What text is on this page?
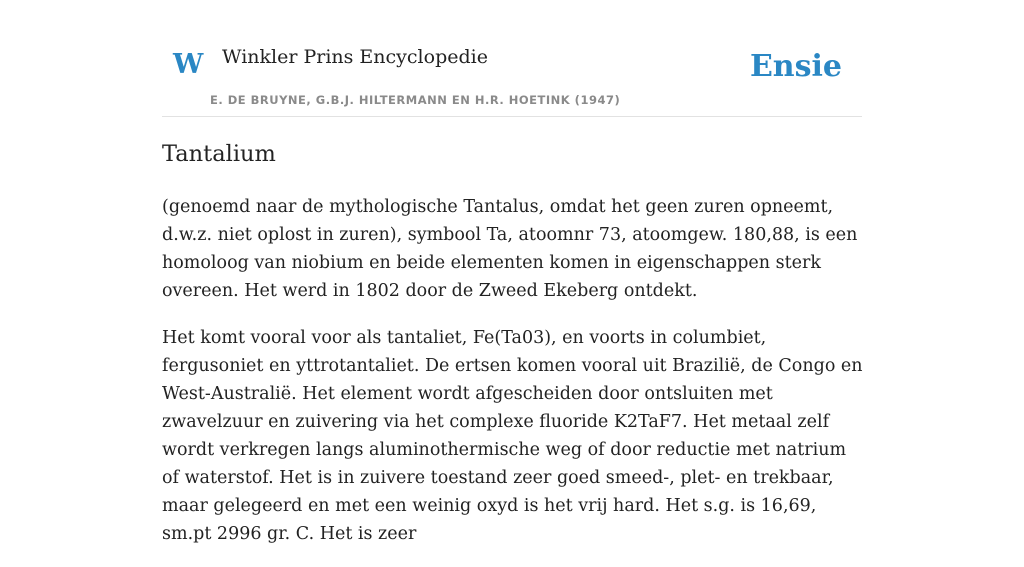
W Winkler Prins Encyclopedie
E. DE BRUYNE, G.B.J. HILTERMANN EN H.R. HOETINK (1947)
Ensie
Tantalium

(genoemd naar de mythologische Tantalus, omdat het geen zuren opneemt, d.w.z. niet oplost in zuren), symbool Ta, atoomnr 73, atoomgew. 180,88, is een homoloog van niobium en beide elementen komen in eigenschappen sterk overeen. Het werd in 1802 door de Zweed Ekeberg ontdekt.

Het komt vooral voor als tantaliet, Fe(Ta03), en voorts in columbiet, fergusoniet en yttrotantaliet. De ertsen komen vooral uit Brazilië, de Congo en West-Australië. Het element wordt afgescheiden door ontsluiten met zwavelzuur en zuivering via het complexe fluoride K2TaF7. Het metaal zelf wordt verkregen langs aluminothermische weg of door reductie met natrium of waterstof. Het is in zuivere toestand zeer goed smeed-, plet- en trekbaar, maar gelegeerd en met een weinig oxyd is het vrij hard. Het s.g. is 16,69, sm.pt 2996 gr. C. Het is zeer
